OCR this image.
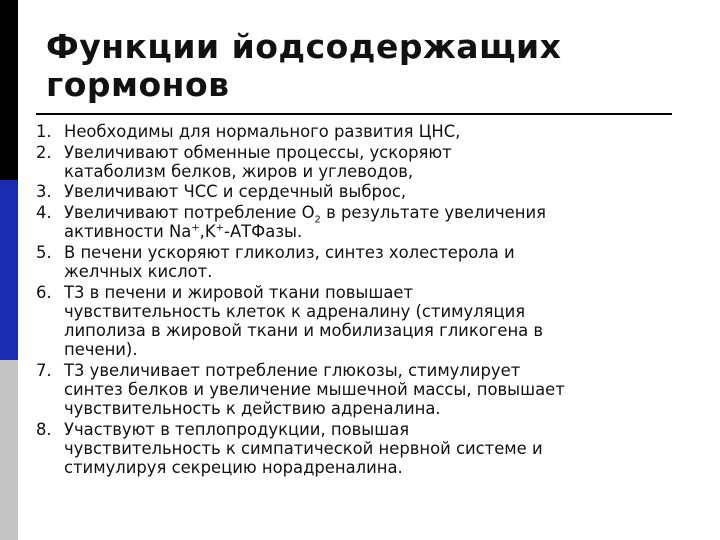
Функции йодсодержащих
гормонов
1. Необходимы для нормального развития ЦНС,
2. Увеличивают обменные процессы, ускоряют
катаболизм белков, жиров и углеводов,
3. Увеличивают ЧСС и сердечный выброс,
4. Увеличивают потребление $O_2$ в результате увеличения
активности Na+,K+-АТФазы.
5. В печени ускоряют гликолиз, синтез холестерола и
желчных кислот.
6. Т3 в печени и жировой ткани повышает
чувствительность клеток к адреналину (стимуляция
липолиза в жировой ткани и мобилизация гликогена в
печени).
7. Т3 увеличивает потребление глюкозы, стимулирует
синтез белков и увеличение мышечной массы, повышает
чувствительность к действию адреналина.
8. Участвуют в теплопродукции, повышая
чувствительность к симпатической нервной системе и
стимулируя секрецию норадреналина.
